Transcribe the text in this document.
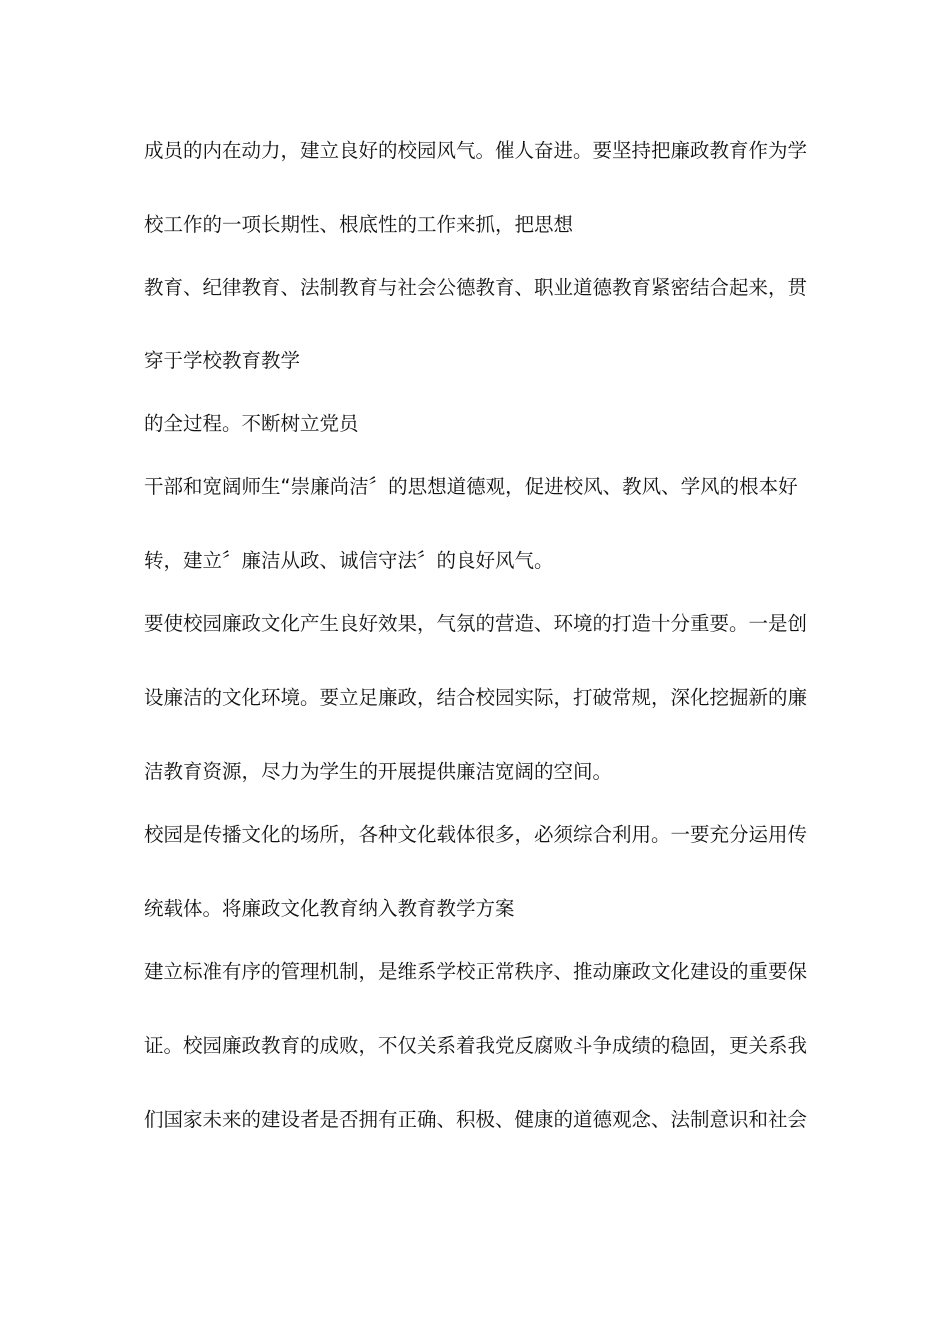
成员的内在动力，建立良好的校园风气。催人奋进。要坚持把廉政教育作为学
校工作的一项长期性、根底性的工作来抓，把思想
教育、纪律教育、法制教育与社会公德教育、职业道德教育紧密结合起来，贯
穿于学校教育教学
的全过程。不断树立党员
干部和宽阔师生“崇廉尚洁〞的思想道德观，促进校风、教风、学风的根本好
转，建立〞廉洁从政、诚信守法〞的良好风气。
要使校园廉政文化产生良好效果，气氛的营造、环境的打造十分重要。一是创
设廉洁的文化环境。要立足廉政，结合校园实际，打破常规，深化挖掘新的廉
洁教育资源，尽力为学生的开展提供廉洁宽阔的空间。
校园是传播文化的场所，各种文化载体很多，必须综合利用。一要充分运用传
统载体。将廉政文化教育纳入教育教学方案
建立标准有序的管理机制，是维系学校正常秩序、推动廉政文化建设的重要保
证。校园廉政教育的成败，不仅关系着我党反腐败斗争成绩的稳固，更关系我
们国家未来的建设者是否拥有正确、积极、健康的道德观念、法制意识和社会
